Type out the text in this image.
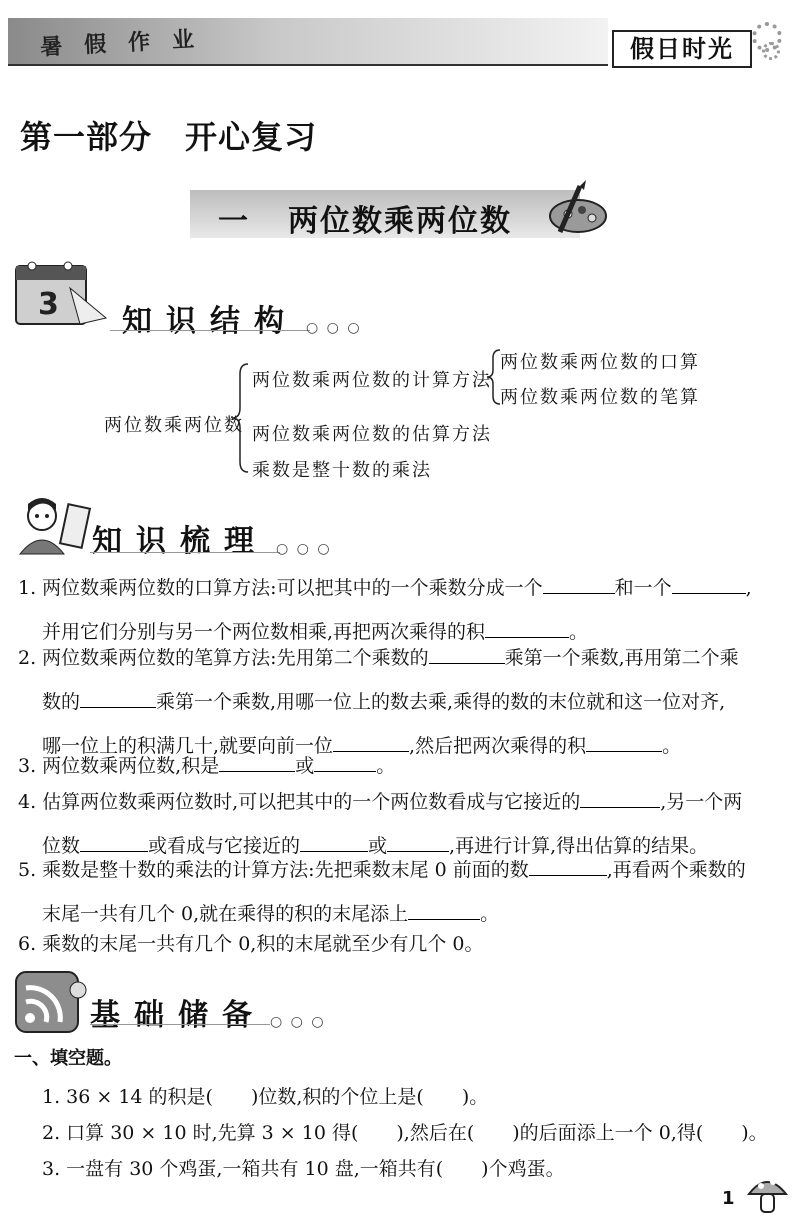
暑假作业	假日时光
第一部分　开心复习
一 两位数乘两位数
3 知识结构 ○ ○ ○
两位数乘两位数
两位数乘两位数的计算方法
两位数乘两位数的口算
两位数乘两位数的笔算
两位数乘两位数的估算方法
乘数是整十数的乘法
知识梳理 ○ ○ ○
1. 两位数乘两位数的口算方法:可以把其中的一个乘数分成一个	和一个	,
并用它们分别与另一个两位数相乘,再把两次乘得的积	。
2. 两位数乘两位数的笔算方法:先用第二个乘数的	乘第一个乘数,再用第二个乘
数的	乘第一个乘数,用哪一位上的数去乘,乘得的数的末位就和这一位对齐,
哪一位上的积满几十,就要向前一位	,然后把两次乘得的积	。
3. 两位数乘两位数,积是	或	。
4. 估算两位数乘两位数时,可以把其中的一个两位数看成与它接近的	,另一个两
位数	或看成与它接近的	或	,再进行计算,得出估算的结果。
5. 乘数是整十数的乘法的计算方法:先把乘数末尾 0 前面的数	,再看两个乘数的
末尾一共有几个 0,就在乘得的积的末尾添上	。
6. 乘数的末尾一共有几个 0,积的末尾就至少有几个 0。
基础储备 ○ ○ ○
一、填空题。
1. 36 × 14 的积是(　　)位数,积的个位上是(　　)。
2. 口算 30 × 10 时,先算 3 × 10 得(　　),然后在(　　)的后面添上一个 0,得(　　)。
3. 一盘有 30 个鸡蛋,一箱共有 10 盘,一箱共有(　　)个鸡蛋。
1
